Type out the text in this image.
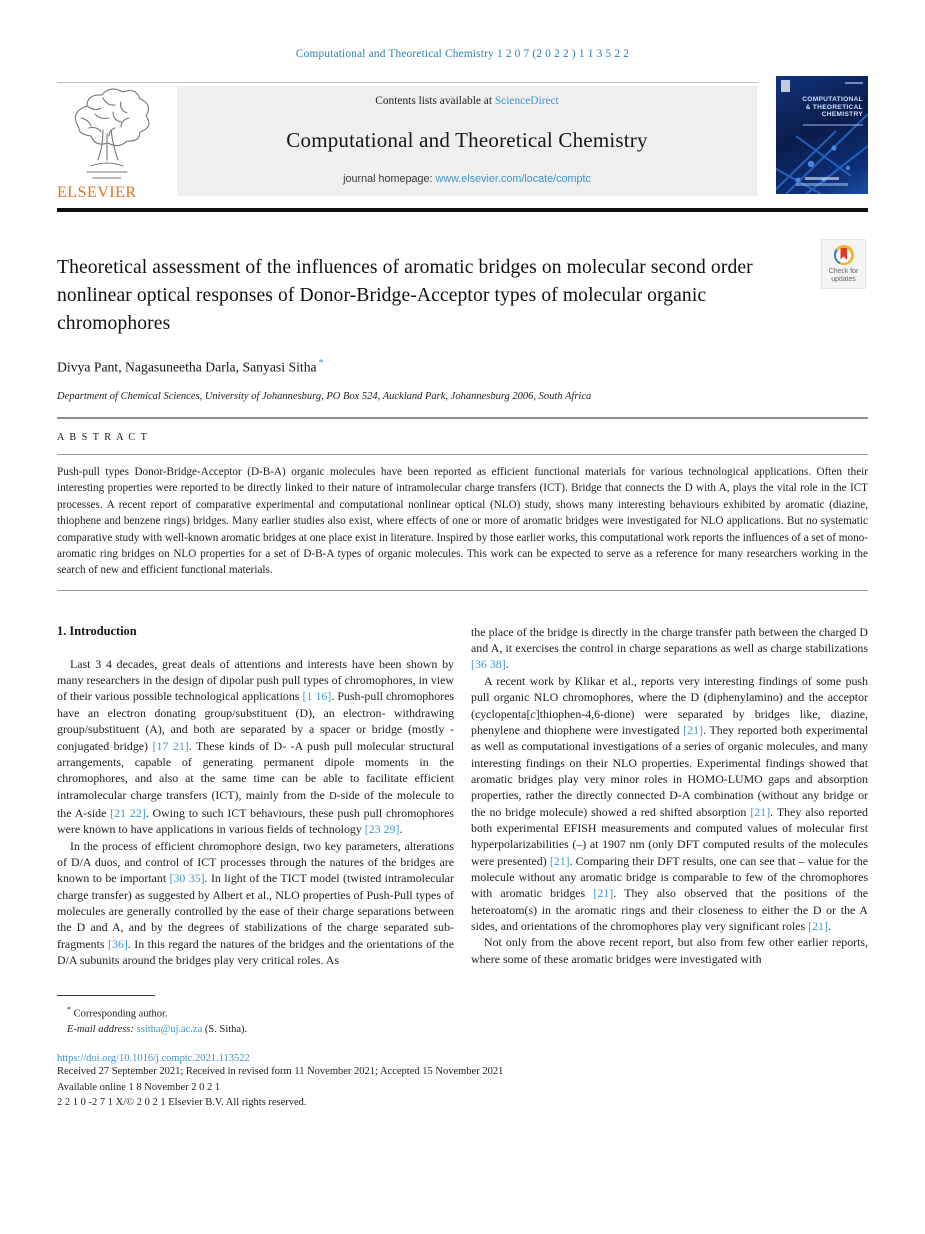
Computational and Theoretical Chemistry 1 2 0 7 (2 0 2 2 ) 1 1 3 5 2 2
ELSEVIER
Contents lists available at ScienceDirect
Computational and Theoretical Chemistry
journal homepage: www.elsevier.com/locate/comptc
COMPUTATIONAL
& THEORETICAL
CHEMISTRY
Theoretical assessment of the influences of aromatic bridges on molecular second order nonlinear optical responses of Donor-Bridge-Acceptor types of molecular organic chromophores
Check for
updates
Divya Pant, Nagasuneetha Darla, Sanyasi Sitha *
Department of Chemical Sciences, University of Johannesburg, PO Box 524, Auckland Park, Johannesburg 2006, South Africa
A B S T R A C T
Push-pull types Donor-Bridge-Acceptor (D-B-A) organic molecules have been reported as efficient functional materials for various technological applications. Often their interesting properties were reported to be directly linked to their nature of intramolecular charge transfers (ICT). Bridge that connects the D with A, plays the vital role in the ICT processes. A recent report of comparative experimental and computational nonlinear optical (NLO) study, shows many interesting behaviours exhibited by aromatic (diazine, thiophene and benzene rings) bridges. Many earlier studies also exist, where effects of one or more of aromatic bridges were investigated for NLO applications. But no systematic comparative study with well-known aromatic bridges at one place exist in literature. Inspired by those earlier works, this computational work reports the influences of a set of mono-aromatic ring bridges on NLO properties for a set of D-B-A types of organic molecules. This work can be expected to serve as a reference for many researchers working in the search of new and efficient functional materials.
1. Introduction

Last 3 4 decades, great deals of attentions and interests have been shown by many researchers in the design of dipolar push pull types of chromophores, in view of their various possible technological applications [1 16]. Push-pull chromophores have an electron donating group/substituent (D), an electron- withdrawing group/substituent (A), and both are separated by a spacer or bridge (mostly -conjugated bridge) [17 21]. These kinds of D- -A push pull molecular structural arrangements, capable of generating permanent dipole moments in the chromophores, and also at the same time can be able to facilitate efficient intramolecular charge transfers (ICT), mainly from the D-side of the molecule to the A-side [21 22]. Owing to such ICT behaviours, these push pull chromophores were known to have applications in various fields of technology [23 29].

In the process of efficient chromophore design, two key parameters, alterations of D/A duos, and control of ICT processes through the natures of the bridges are known to be important [30 35]. In light of the TICT model (twisted intramolecular charge transfer) as suggested by Albert et al., NLO properties of Push-Pull types of molecules are generally controlled by the ease of their charge separations between the D and A, and by the degrees of stabilizations of the charge separated sub-fragments [36]. In this regard the natures of the bridges and the orientations of the D/A subunits around the bridges play very critical roles. As

the place of the bridge is directly in the charge transfer path between the charged D and A, it exercises the control in charge separations as well as charge stabilizations [36 38].

A recent work by Klikar et al., reports very interesting findings of some push pull organic NLO chromophores, where the D (diphenylamino) and the acceptor (cyclopenta[c]thiophen-4,6-dione) were separated by bridges like, diazine, phenylene and thiophene were investigated [21]. They reported both experimental as well as computational investigations of a series of organic molecules, and many interesting findings on their NLO properties. Experimental findings showed that aromatic bridges play very minor roles in HOMO-LUMO gaps and absorption properties, rather the directly connected D-A combination (without any bridge or the no bridge molecule) showed a red shifted absorption [21]. They also reported both experimental EFISH measurements and computed values of molecular first hyperpolarizabilities (–) at 1907 nm (only DFT computed results of the molecules were presented) [21]. Comparing their DFT results, one can see that – value for the molecule without any aromatic bridge is comparable to few of the chromophores with aromatic bridges [21]. They also observed that the positions of the heteroatom(s) in the aromatic rings and their closeness to either the D or the A sides, and orientations of the chromophores play very significant roles [21].

Not only from the above recent report, but also from few other earlier reports, where some of these aromatic bridges were investigated with

* Corresponding author.
E-mail address: ssitha@uj.ac.za (S. Sitha).
https://doi.org/10.1016/j.comptc.2021.113522
Received 27 September 2021; Received in revised form 11 November 2021; Accepted 15 November 2021
Available online 1 8 November 2 0 2 1
2 2 1 0 -2 7 1 X/© 2 0 2 1 Elsevier B.V. All rights reserved.
